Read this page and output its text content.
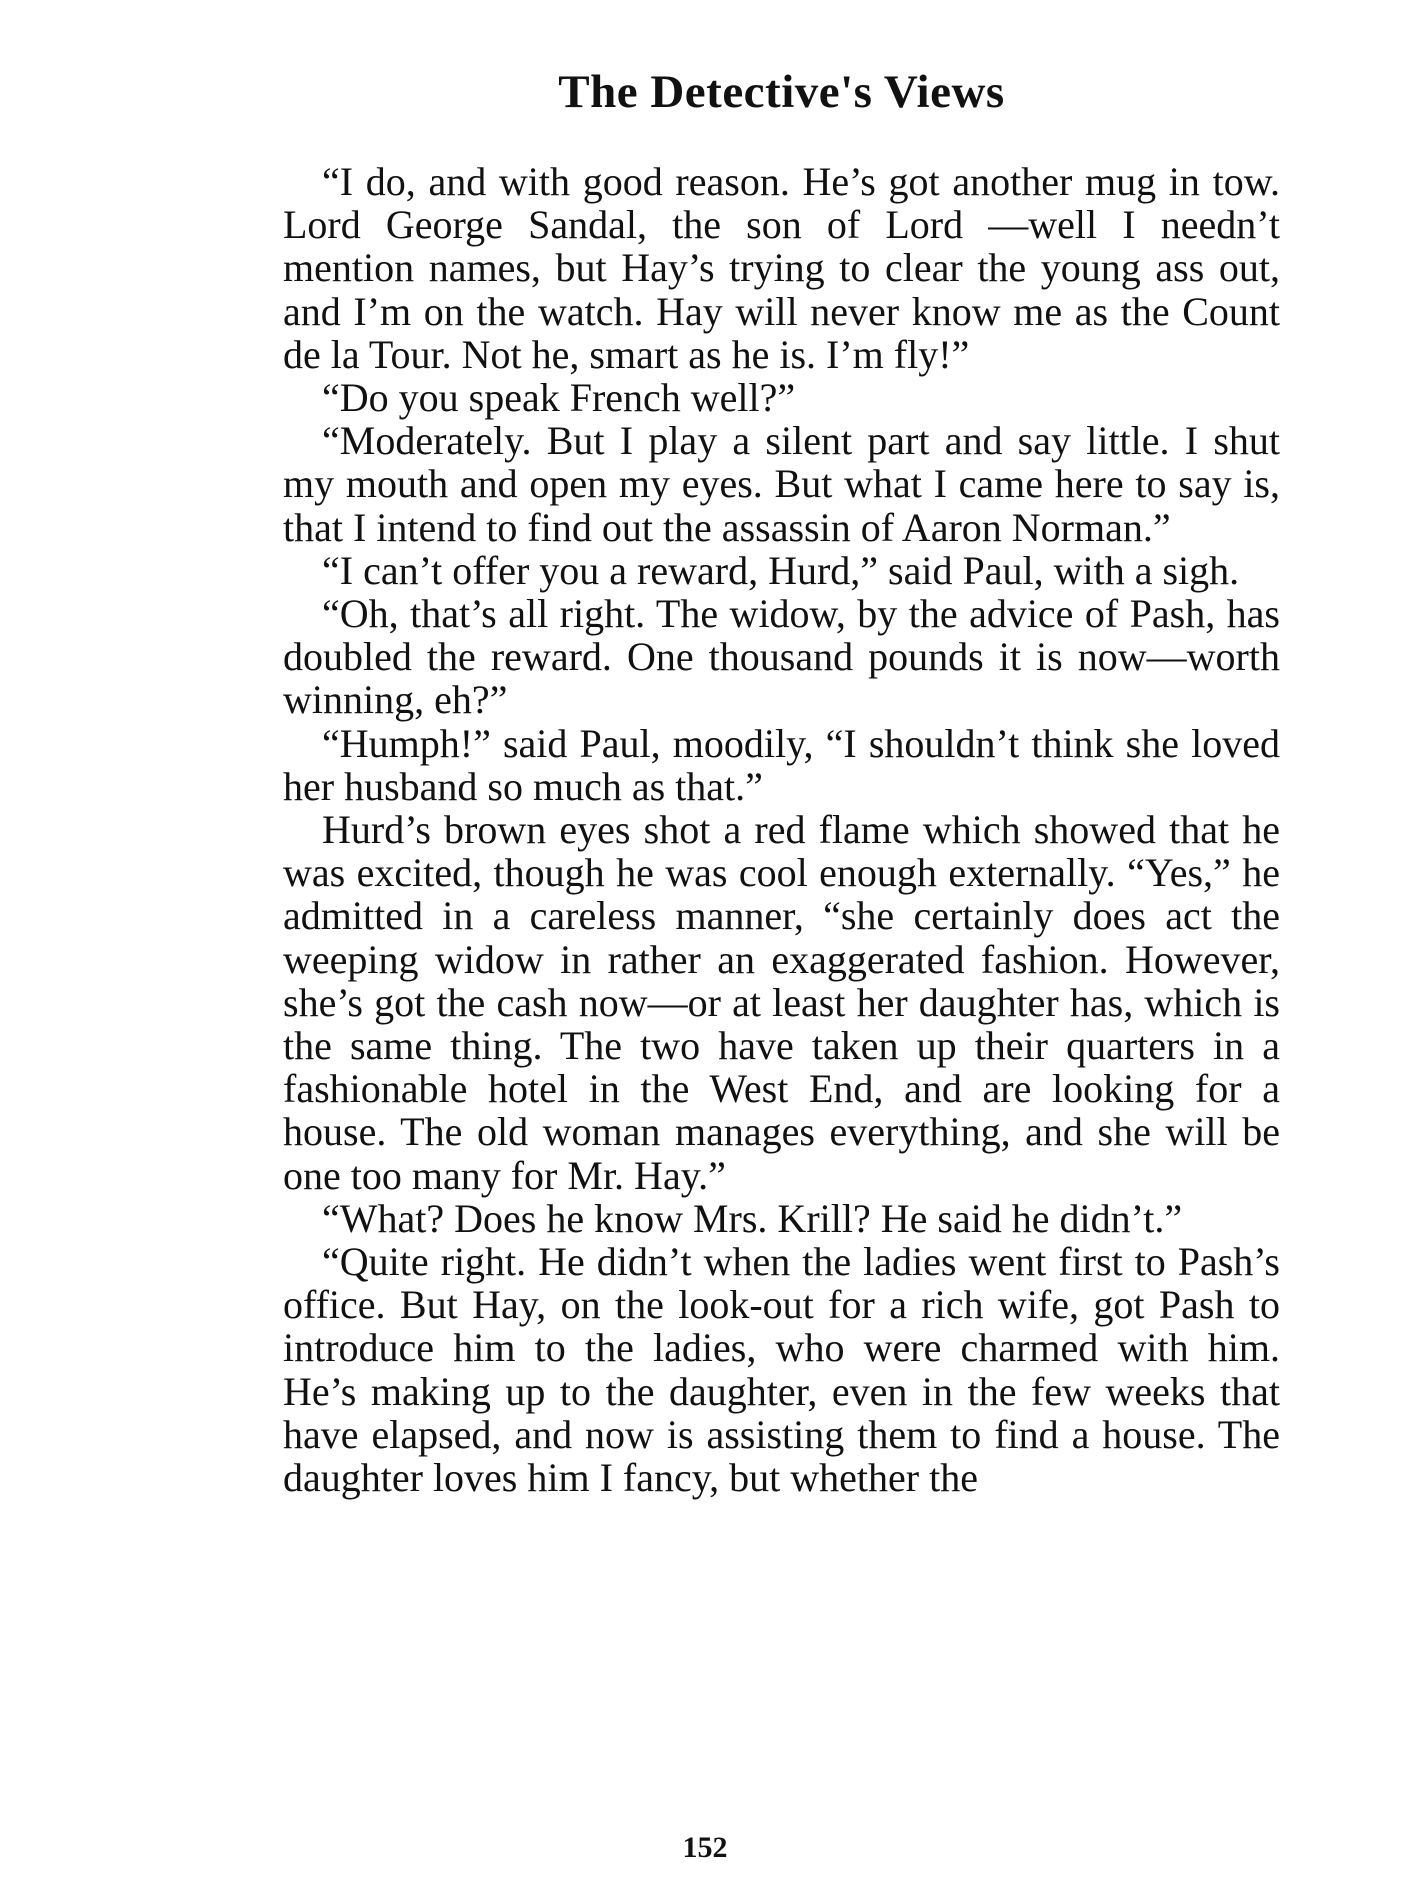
The Detective's Views

“I do, and with good reason. He’s got another mug in tow. Lord George Sandal, the son of Lord —well I needn’t mention names, but Hay’s trying to clear the young ass out, and I’m on the watch. Hay will never know me as the Count de la Tour. Not he, smart as he is. I’m fly!”

“Do you speak French well?”

“Moderately. But I play a silent part and say little. I shut my mouth and open my eyes. But what I came here to say is, that I intend to find out the assassin of Aaron Norman.”

“I can’t offer you a reward, Hurd,” said Paul, with a sigh.

“Oh, that’s all right. The widow, by the advice of Pash, has doubled the reward. One thousand pounds it is now—worth winning, eh?”

“Humph!” said Paul, moodily, “I shouldn’t think she loved her husband so much as that.”

Hurd’s brown eyes shot a red flame which showed that he was excited, though he was cool enough externally. “Yes,” he admitted in a careless manner, “she certainly does act the weeping widow in rather an exaggerated fashion. However, she’s got the cash now—or at least her daughter has, which is the same thing. The two have taken up their quarters in a fashionable hotel in the West End, and are looking for a house. The old woman manages everything, and she will be one too many for Mr. Hay.”

“What? Does he know Mrs. Krill? He said he didn’t.”

“Quite right. He didn’t when the ladies went first to Pash’s office. But Hay, on the look-out for a rich wife, got Pash to introduce him to the ladies, who were charmed with him. He’s making up to the daughter, even in the few weeks that have elapsed, and now is assisting them to find a house. The daughter loves him I fancy, but whether the

152
